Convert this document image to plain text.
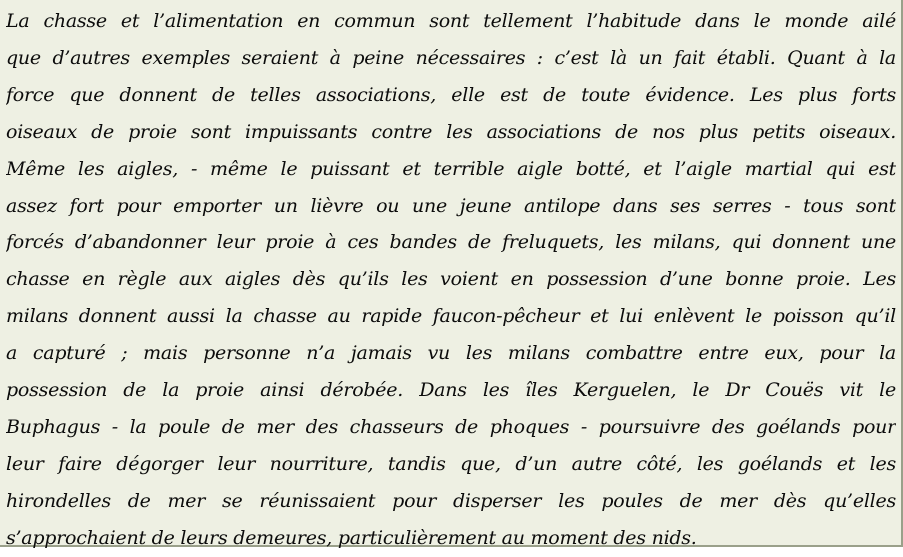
La chasse et l’alimentation en commun sont tellement l’habitude dans le monde ailé
que d’autres exemples seraient à peine nécessaires : c’est là un fait établi. Quant à la
force que donnent de telles associations, elle est de toute évidence. Les plus forts
oiseaux de proie sont impuissants contre les associations de nos plus petits oiseaux.
Même les aigles, - même le puissant et terrible aigle botté, et l’aigle martial qui est
assez fort pour emporter un lièvre ou une jeune antilope dans ses serres - tous sont
forcés d’abandonner leur proie à ces bandes de freluquets, les milans, qui donnent une
chasse en règle aux aigles dès qu’ils les voient en possession d’une bonne proie. Les
milans donnent aussi la chasse au rapide faucon-pêcheur et lui enlèvent le poisson qu’il
a capturé ; mais personne n’a jamais vu les milans combattre entre eux, pour la
possession de la proie ainsi dérobée. Dans les îles Kerguelen, le Dr Couës vit le
Buphagus - la poule de mer des chasseurs de phoques - poursuivre des goélands pour
leur faire dégorger leur nourriture, tandis que, d’un autre côté, les goélands et les
hirondelles de mer se réunissaient pour disperser les poules de mer dès qu’elles
s’approchaient de leurs demeures, particulièrement au moment des nids.
